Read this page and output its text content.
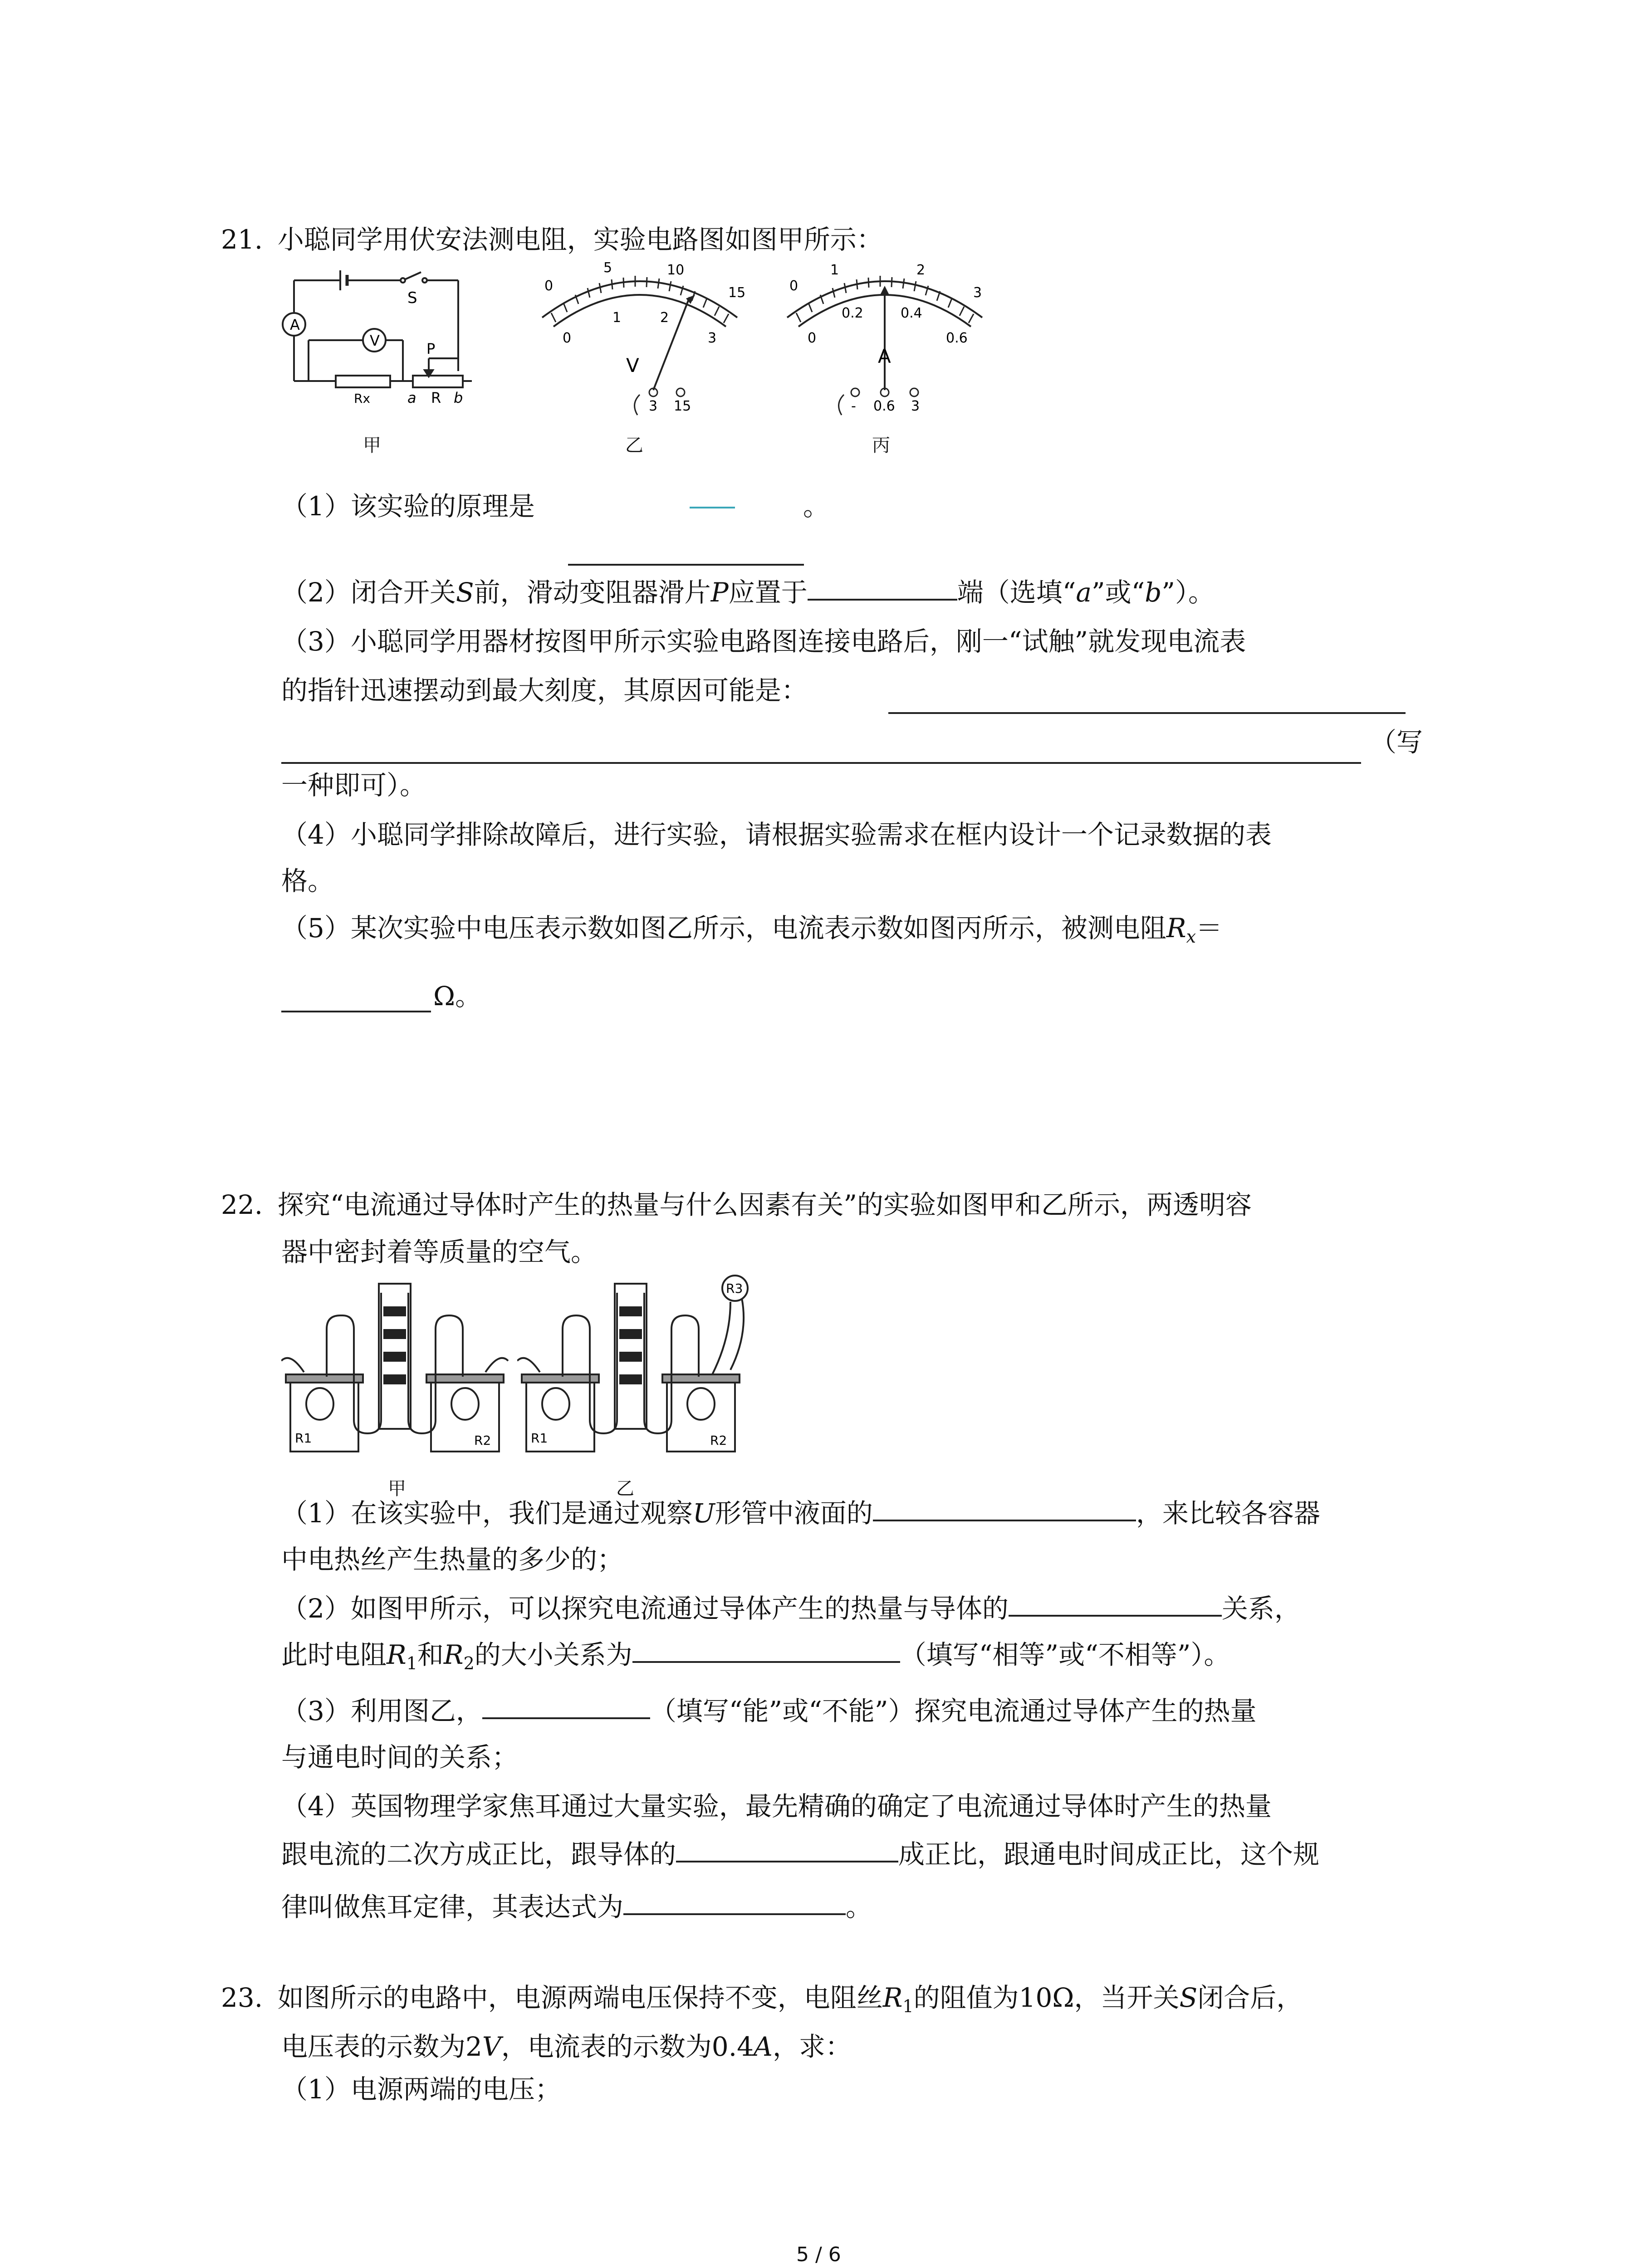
21. 小聪同学用伏安法测电阻，实验电路图如图甲所示：
A
V
S
P
Rx	a R b
甲
0
5	10
15
0
1	2
3
V
3 15
乙
0
1	2
3
0
0.2	0.4
0.6
A
- 0.6 3
丙
（1）该实验的原理是	。
（2）闭合开关S前，滑动变阻器滑片P应置于	端（选填“a”或“b”）。
（3）小聪同学用器材按图甲所示实验电路图连接电路后，刚一“试触”就发现电流表
的指针迅速摆动到最大刻度，其原因可能是：
（写
一种即可）。
（4）小聪同学排除故障后，进行实验，请根据实验需求在框内设计一个记录数据的表
格。
（5）某次实验中电压表示数如图乙所示，电流表示数如图丙所示，被测电阻$R_x=$
Ω。
22. 探究“电流通过导体时产生的热量与什么因素有关”的实验如图甲和乙所示，两透明容
器中密封着等质量的空气。
R1	R2
甲
R1	R2
R3
乙
（1）在该实验中，我们是通过观察U形管中液面的	，来比较各容器
中电热丝产生热量的多少的；
（2）如图甲所示，可以探究电流通过导体产生的热量与导体的	关系，
此时电阻$R_1$和$R_2$的大小关系为	（填写“相等”或“不相等”）。
（3）利用图乙，	（填写“能”或“不能”）探究电流通过导体产生的热量
与通电时间的关系；
（4）英国物理学家焦耳通过大量实验，最先精确的确定了电流通过导体时产生的热量
跟电流的二次方成正比，跟导体的	成正比，跟通电时间成正比，这个规
律叫做焦耳定律，其表达式为	。
23. 如图所示的电路中，电源两端电压保持不变，电阻丝$R_1$的阻值为10Ω，当开关S闭合后，
电压表的示数为2V，电流表的示数为0.4A，求：
（1）电源两端的电压；
5 / 6
